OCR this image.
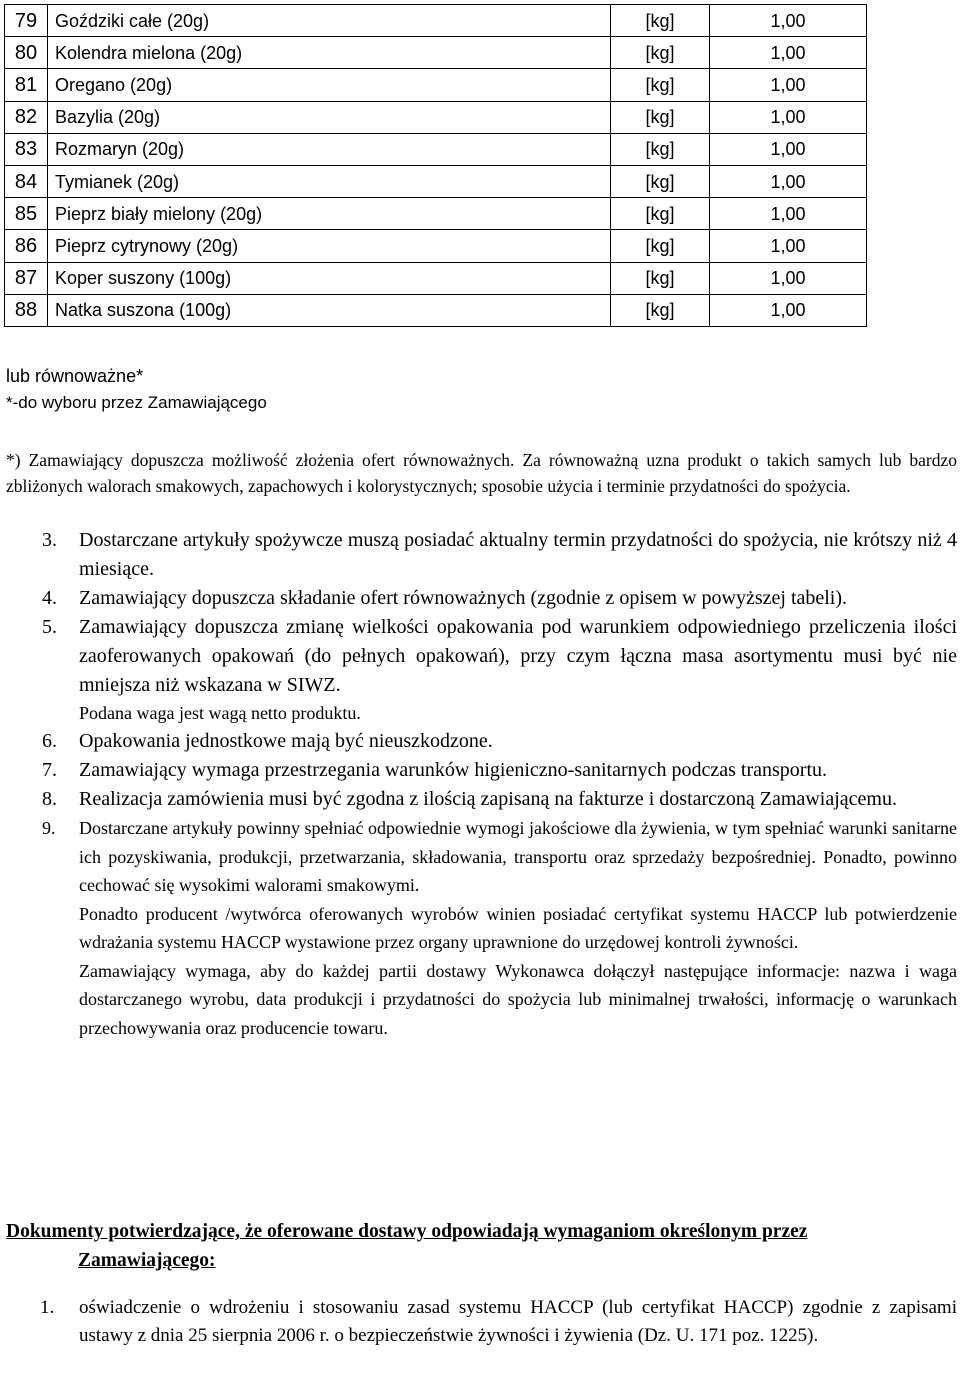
79	Goździki całe (20g)	[kg]	1,00
80	Kolendra mielona (20g)	[kg]	1,00
81	Oregano (20g)	[kg]	1,00
82	Bazylia (20g)	[kg]	1,00
83	Rozmaryn (20g)	[kg]	1,00
84	Tymianek (20g)	[kg]	1,00
85	Pieprz biały mielony (20g)	[kg]	1,00
86	Pieprz cytrynowy (20g)	[kg]	1,00
87	Koper suszony (100g)	[kg]	1,00
88	Natka suszona (100g)	[kg]	1,00
lub równoważne*
*-do wyboru przez Zamawiającego
*) Zamawiający dopuszcza możliwość złożenia ofert równoważnych. Za równoważną uzna produkt o takich samych lub bardzo zbliżonych walorach smakowych, zapachowych i kolorystycznych; sposobie użycia i terminie przydatności do spożycia.
3. Dostarczane artykuły spożywcze muszą posiadać aktualny termin przydatności do spożycia, nie krótszy niż 4 miesiące.
4. Zamawiający dopuszcza składanie ofert równoważnych (zgodnie z opisem w powyższej tabeli).
5. Zamawiający dopuszcza zmianę wielkości opakowania pod warunkiem odpowiedniego przeliczenia ilości zaoferowanych opakowań (do pełnych opakowań), przy czym łączna masa asortymentu musi być nie mniejsza niż wskazana w SIWZ.
Podana waga jest wagą netto produktu.
6. Opakowania jednostkowe mają być nieuszkodzone.
7. Zamawiający wymaga przestrzegania warunków higieniczno-sanitarnych podczas transportu.
8. Realizacja zamówienia musi być zgodna z ilością zapisaną na fakturze i dostarczoną Zamawiającemu.
9. Dostarczane artykuły powinny spełniać odpowiednie wymogi jakościowe dla żywienia, w tym spełniać warunki sanitarne ich pozyskiwania, produkcji, przetwarzania, składowania, transportu oraz sprzedaży bezpośredniej. Ponadto, powinno cechować się wysokimi walorami smakowymi.
Ponadto producent /wytwórca oferowanych wyrobów winien posiadać certyfikat systemu HACCP lub potwierdzenie wdrażania systemu HACCP wystawione przez organy uprawnione do urzędowej kontroli żywności.
Zamawiający wymaga, aby do każdej partii dostawy Wykonawca dołączył następujące informacje: nazwa i waga dostarczanego wyrobu, data produkcji i przydatności do spożycia lub minimalnej trwałości, informację o warunkach przechowywania oraz producencie towaru.
Dokumenty potwierdzające, że oferowane dostawy odpowiadają wymaganiom określonym przez
Zamawiającego:
1. oświadczenie o wdrożeniu i stosowaniu zasad systemu HACCP (lub certyfikat HACCP) zgodnie z zapisami ustawy z dnia 25 sierpnia 2006 r. o bezpieczeństwie żywności i żywienia (Dz. U. 171 poz. 1225).
